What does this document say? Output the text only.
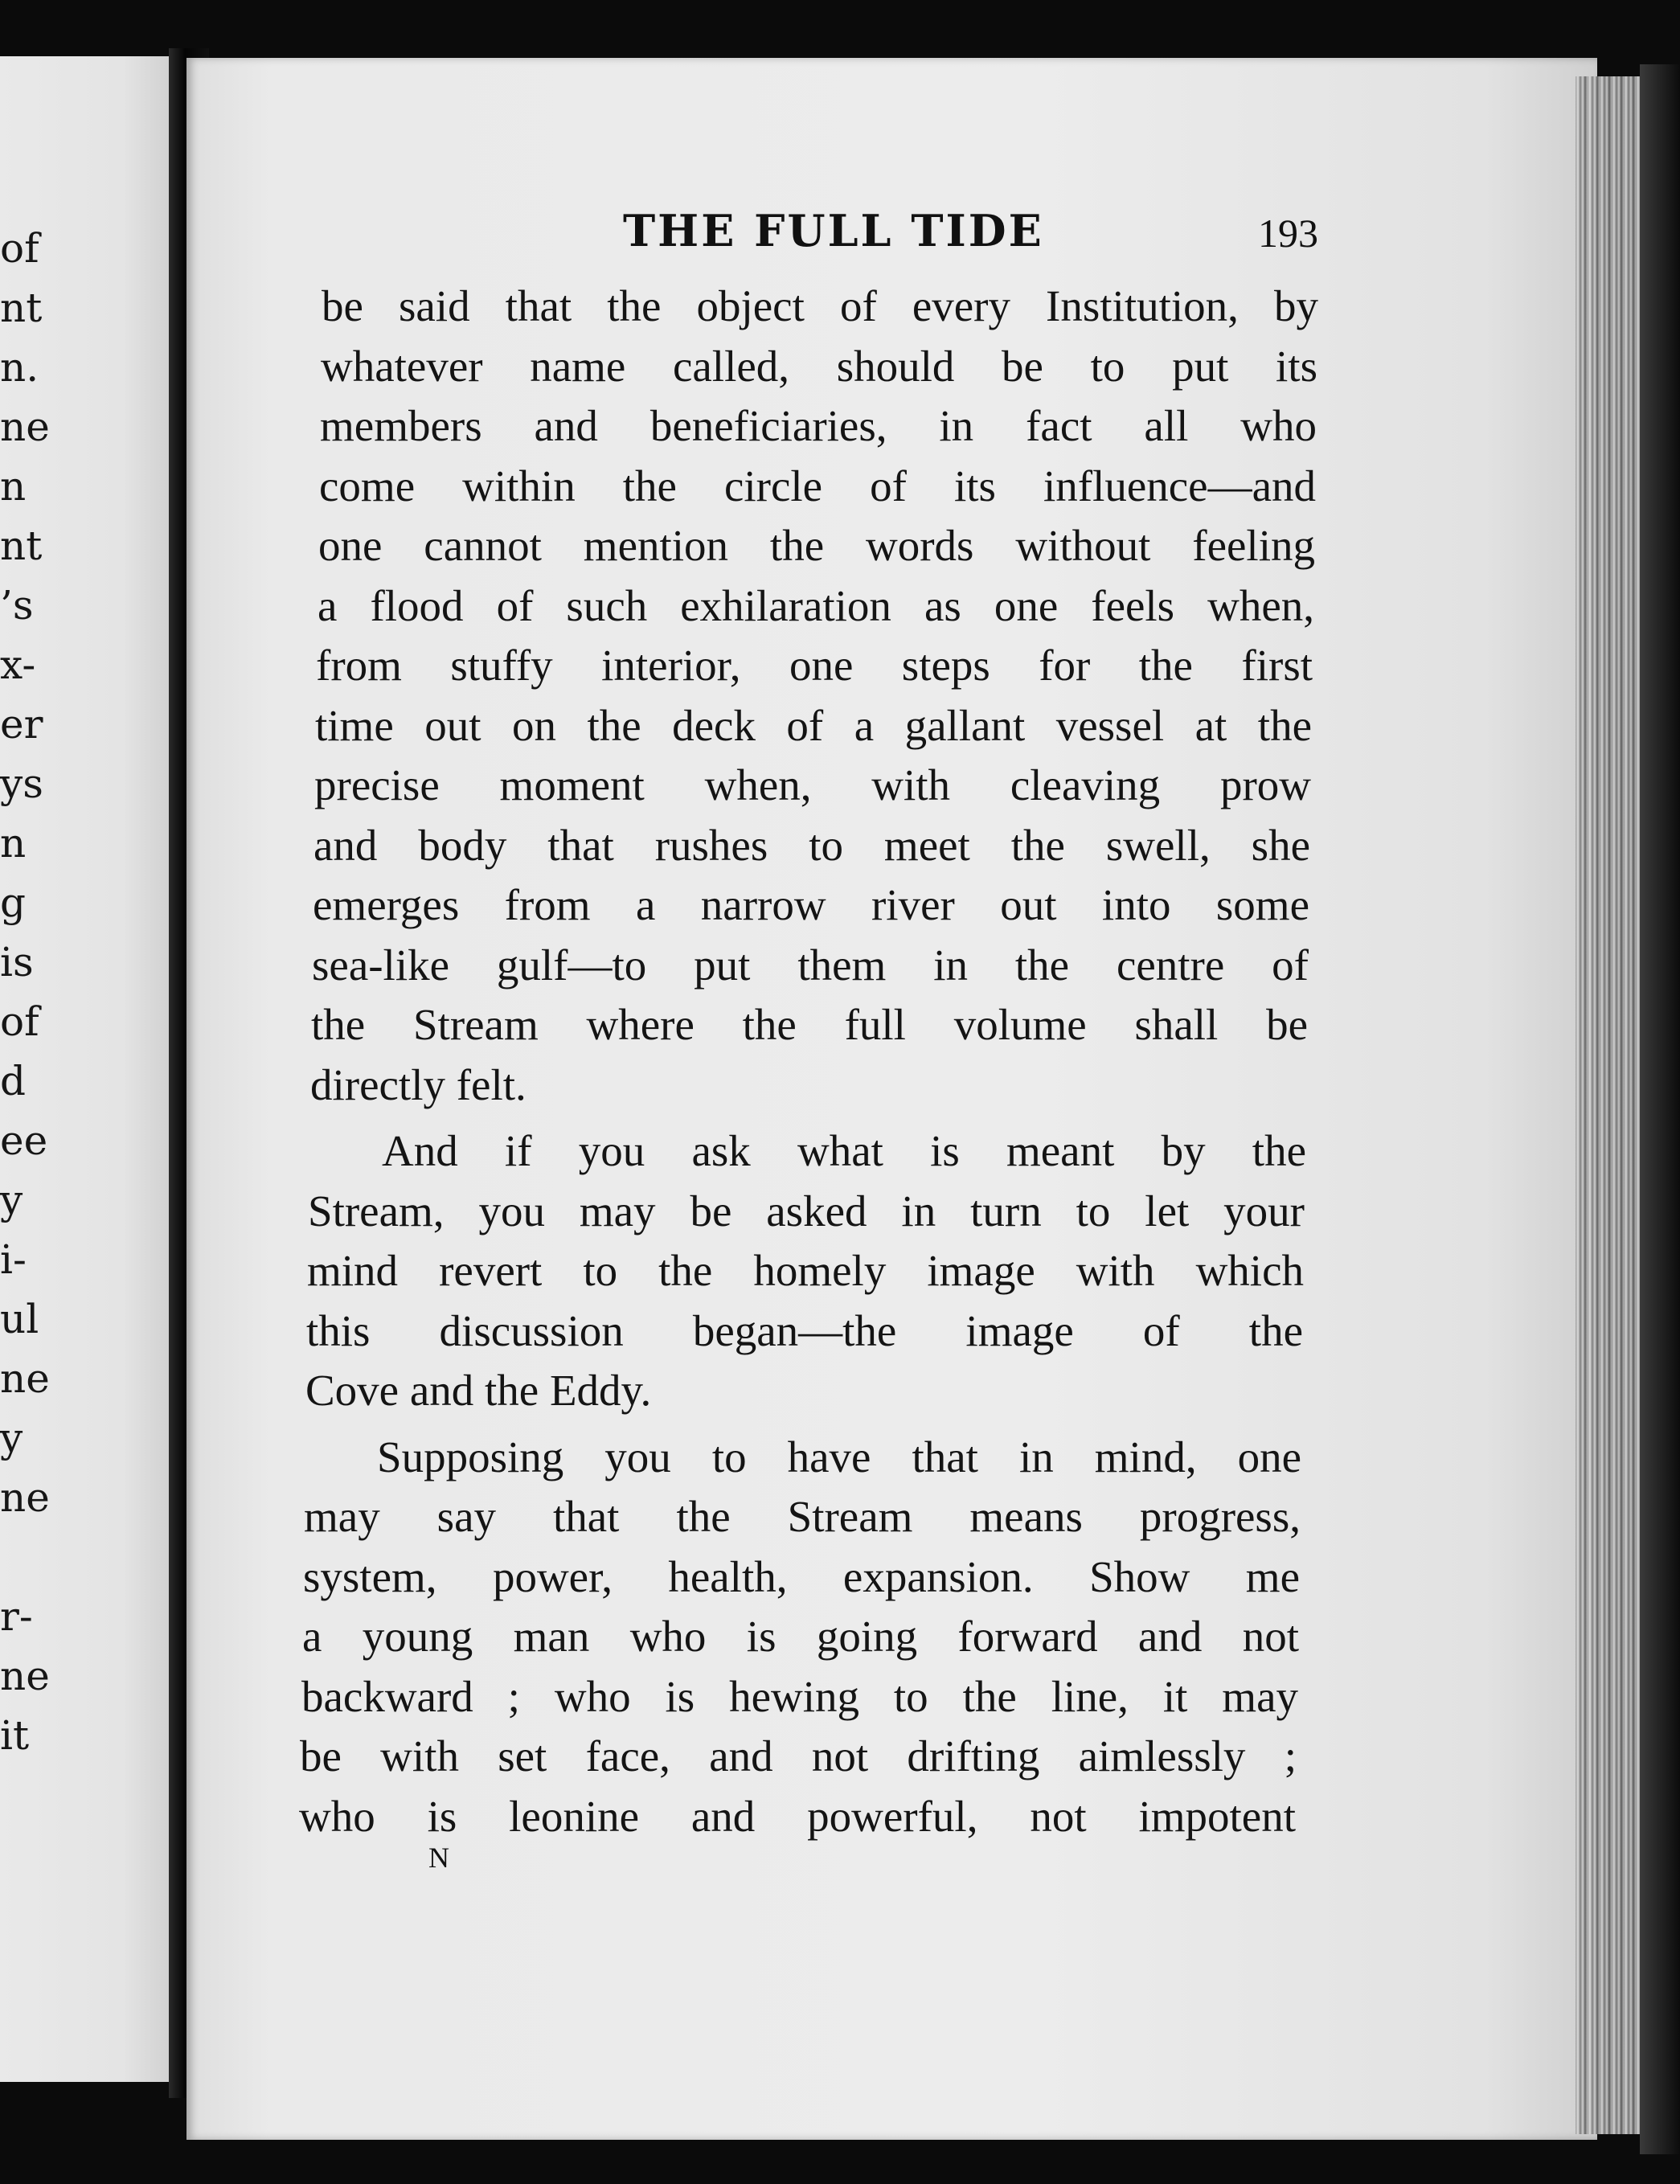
of
nt
n.
ne
n
nt
’s
x-
er
ys
n
g
is
of
d
ee
y
i-
ul
ne
y
ne
r-
ne
it
THE FULL TIDE	193
be said that the object of every Institution, by
whatever name called, should be to put its
members and beneficiaries, in fact all who
come within the circle of its influence—and
one cannot mention the words without feeling
a flood of such exhilaration as one feels when,
from stuffy interior, one steps for the first
time out on the deck of a gallant vessel at the
precise moment when, with cleaving prow
and body that rushes to meet the swell, she
emerges from a narrow river out into some
sea-like gulf—to put them in the centre of
the Stream where the full volume shall be
directly felt.
And if you ask what is meant by the
Stream, you may be asked in turn to let your
mind revert to the homely image with which
this discussion began—the image of the
Cove and the Eddy.
Supposing you to have that in mind, one
may say that the Stream means progress,
system, power, health, expansion. Show me
a young man who is going forward and not
backward ; who is hewing to the line, it may
be with set face, and not drifting aimlessly ;
who is leonine and powerful, not impotent
N
